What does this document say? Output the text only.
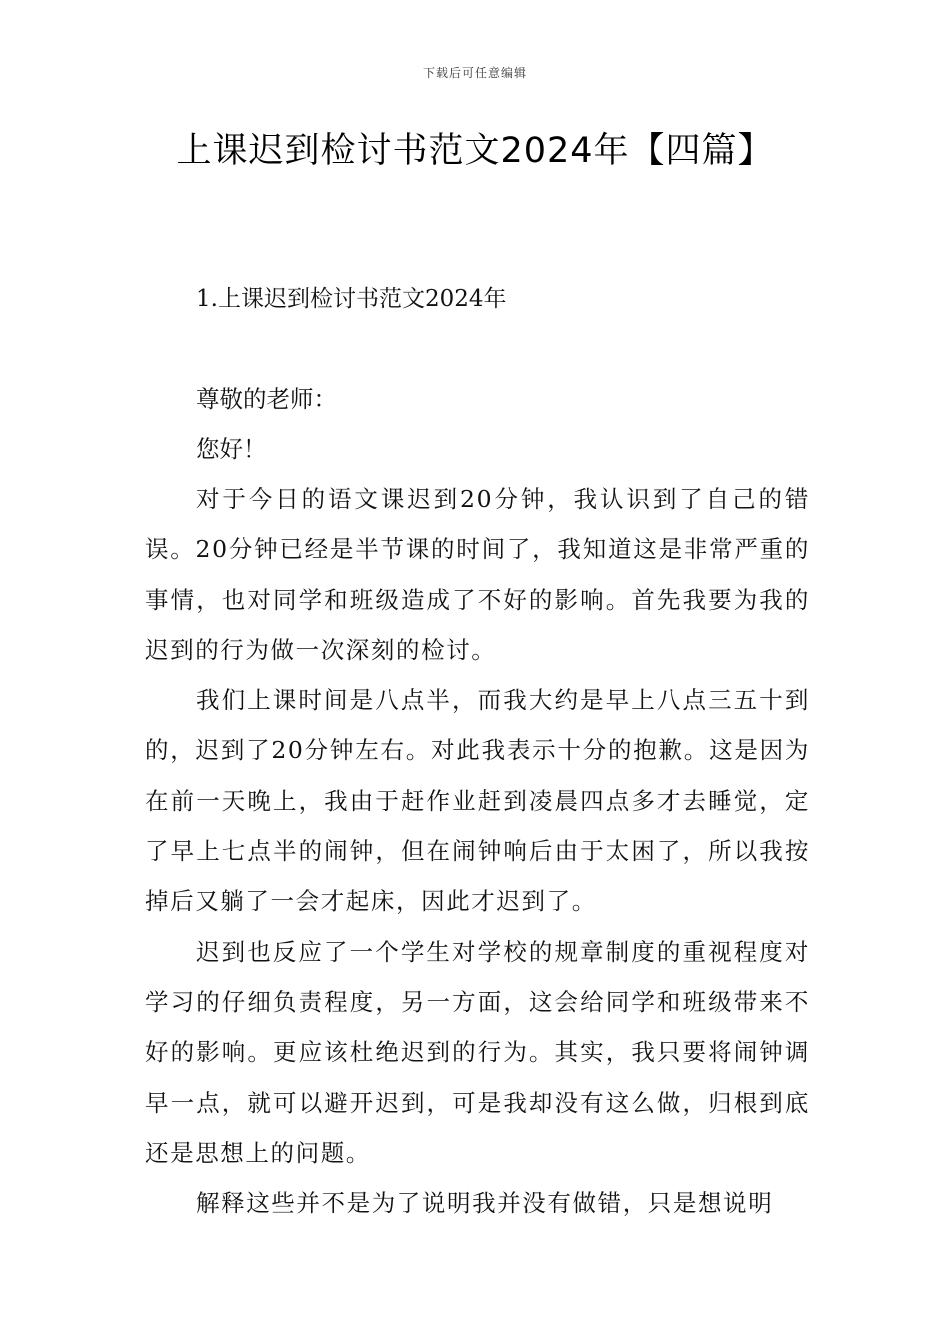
下载后可任意编辑
上课迟到检讨书范文2024年【四篇】
1.上课迟到检讨书范文2024年
尊敬的老师：
您好！

对于今日的语文课迟到20分钟，我认识到了自己的错误。20分钟已经是半节课的时间了，我知道这是非常严重的事情，也对同学和班级造成了不好的影响。首先我要为我的迟到的行为做一次深刻的检讨。

我们上课时间是八点半，而我大约是早上八点三五十到的，迟到了20分钟左右。对此我表示十分的抱歉。这是因为在前一天晚上，我由于赶作业赶到凌晨四点多才去睡觉，定了早上七点半的闹钟，但在闹钟响后由于太困了，所以我按掉后又躺了一会才起床，因此才迟到了。

迟到也反应了一个学生对学校的规章制度的重视程度对学习的仔细负责程度，另一方面，这会给同学和班级带来不好的影响。更应该杜绝迟到的行为。其实，我只要将闹钟调早一点，就可以避开迟到，可是我却没有这么做，归根到底还是思想上的问题。

解释这些并不是为了说明我并没有做错，只是想说明
